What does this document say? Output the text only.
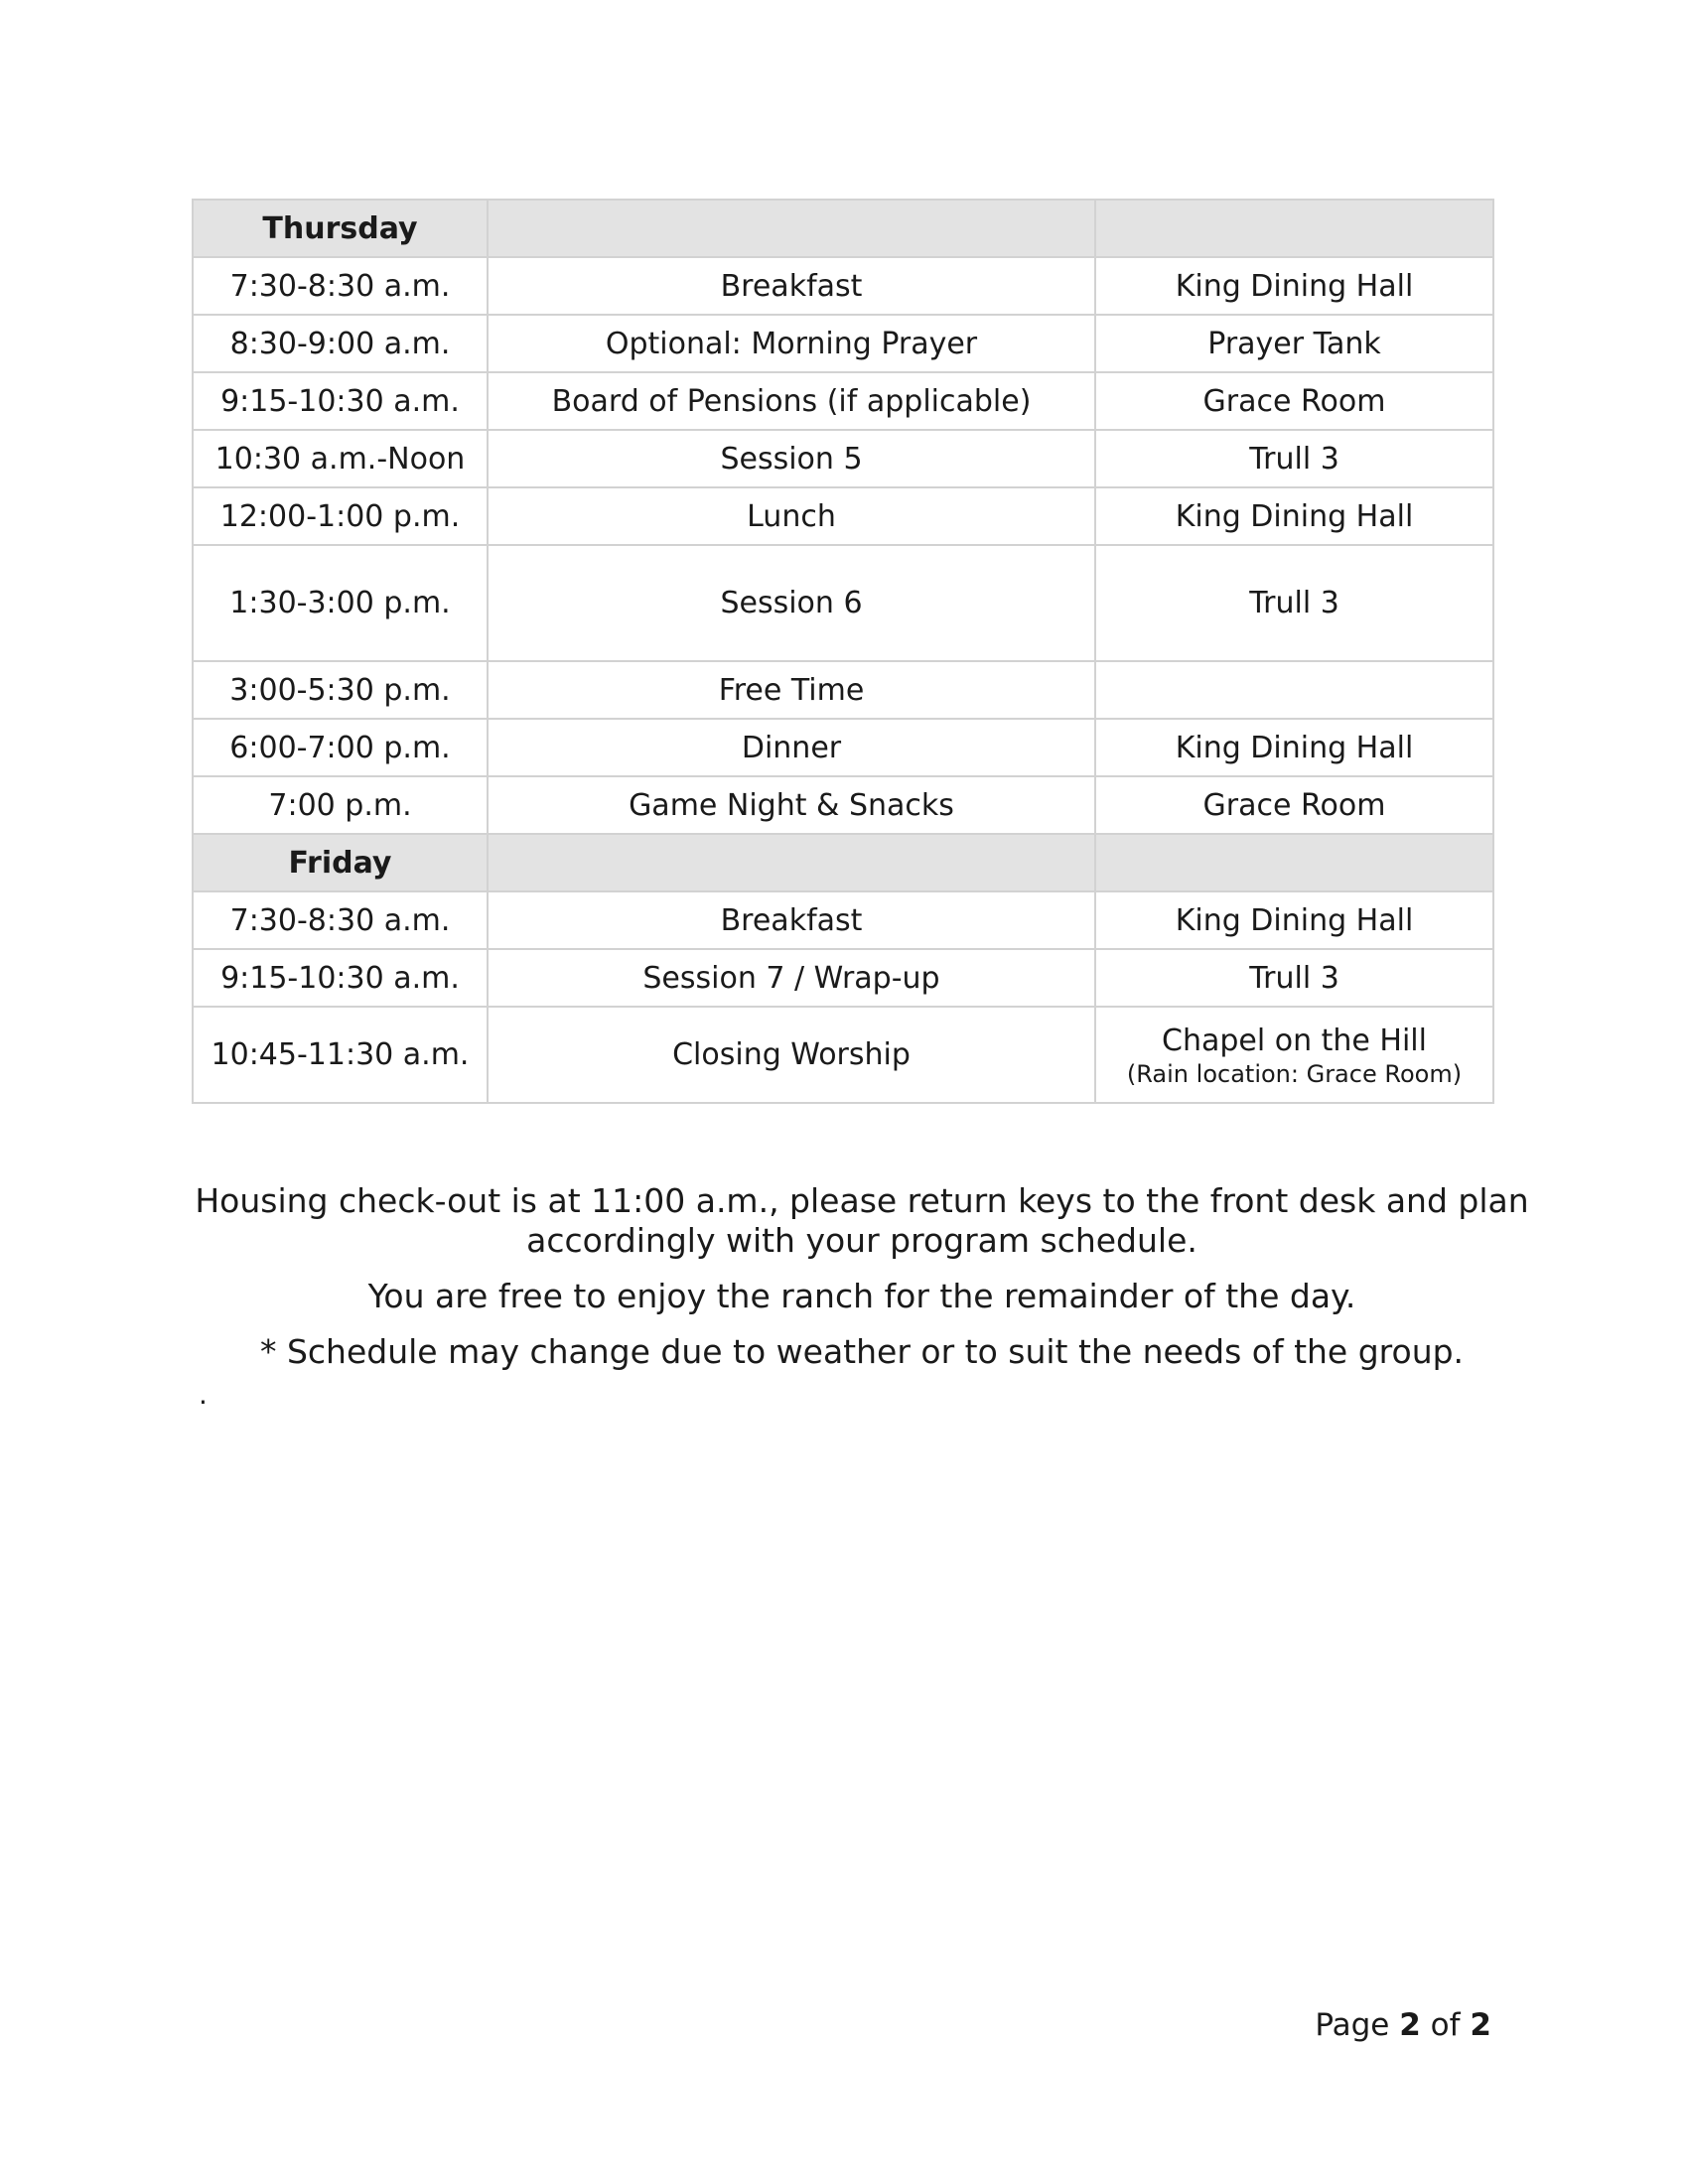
Thursday		
7:30-8:30 a.m.	Breakfast	King Dining Hall
8:30-9:00 a.m.	Optional: Morning Prayer	Prayer Tank
9:15-10:30 a.m.	Board of Pensions (if applicable)	Grace Room
10:30 a.m.-Noon	Session 5	Trull 3
12:00-1:00 p.m.	Lunch	King Dining Hall
1:30-3:00 p.m.	Session 6	Trull 3
3:00-5:30 p.m.	Free Time	
6:00-7:00 p.m.	Dinner	King Dining Hall
7:00 p.m.	Game Night & Snacks	Grace Room
Friday		
7:30-8:30 a.m.	Breakfast	King Dining Hall
9:15-10:30 a.m.	Session 7 / Wrap-up	Trull 3
10:45-11:30 a.m.	Closing Worship	Chapel on the Hill
(Rain location: Grace Room)

Housing check-out is at 11:00 a.m., please return keys to the front desk and plan accordingly with your program schedule.

You are free to enjoy the ranch for the remainder of the day.

* Schedule may change due to weather or to suit the needs of the group.

.
Page 2 of 2
